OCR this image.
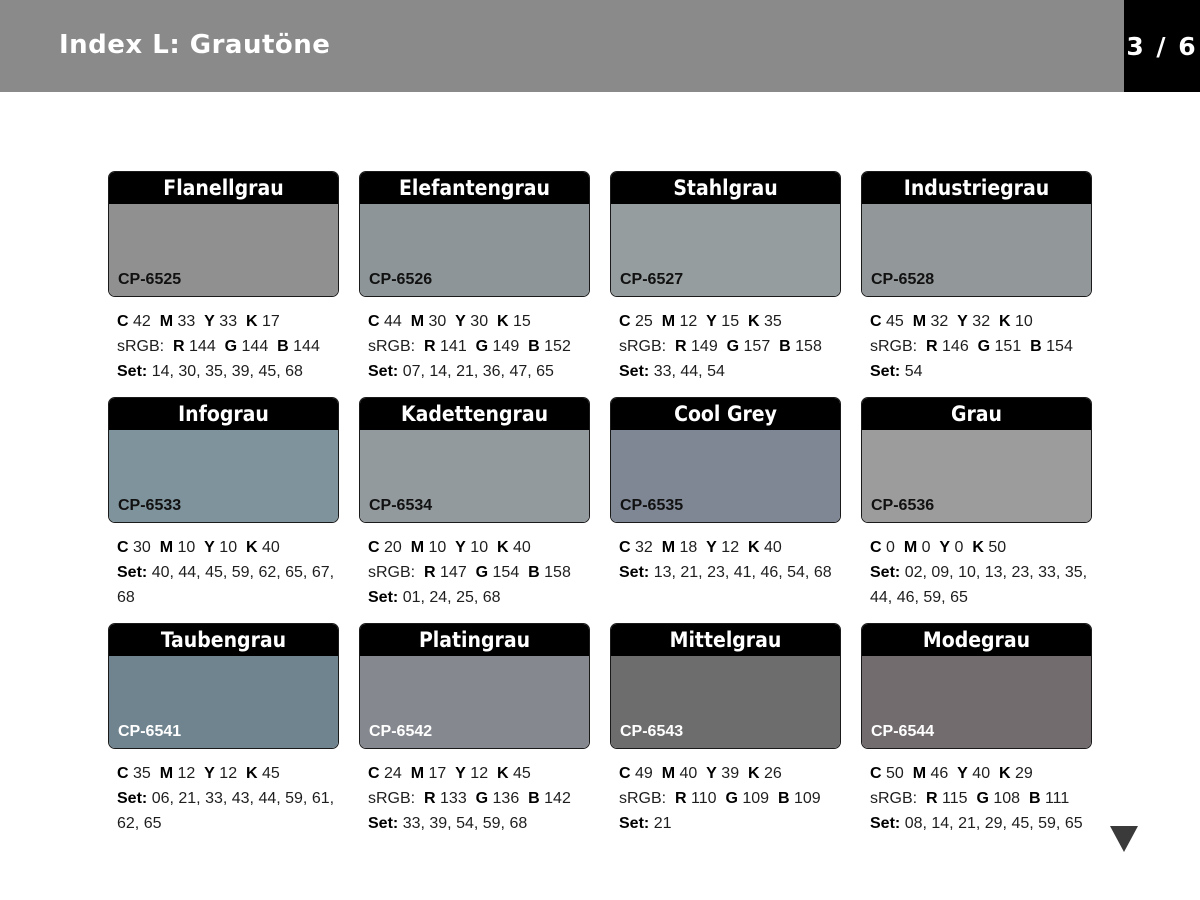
Index L: Grautöne	3 / 6
Flanellgrau
CP-6525
C 42 M 33 Y 33 K 17
sRGB: R 144 G 144 B 144
Set: 14, 30, 35, 39, 45, 68
Elefantengrau
CP-6526
C 44 M 30 Y 30 K 15
sRGB: R 141 G 149 B 152
Set: 07, 14, 21, 36, 47, 65
Stahlgrau
CP-6527
C 25 M 12 Y 15 K 35
sRGB: R 149 G 157 B 158
Set: 33, 44, 54
Industriegrau
CP-6528
C 45 M 32 Y 32 K 10
sRGB: R 146 G 151 B 154
Set: 54
Infograu
CP-6533
C 30 M 10 Y 10 K 40
Set: 40, 44, 45, 59, 62, 65, 67, 68
Kadettengrau
CP-6534
C 20 M 10 Y 10 K 40
sRGB: R 147 G 154 B 158
Set: 01, 24, 25, 68
Cool Grey
CP-6535
C 32 M 18 Y 12 K 40
Set: 13, 21, 23, 41, 46, 54, 68
Grau
CP-6536
C 0 M 0 Y 0 K 50
Set: 02, 09, 10, 13, 23, 33, 35, 44, 46, 59, 65
Taubengrau
CP-6541
C 35 M 12 Y 12 K 45
Set: 06, 21, 33, 43, 44, 59, 61, 62, 65
Platingrau
CP-6542
C 24 M 17 Y 12 K 45
sRGB: R 133 G 136 B 142
Set: 33, 39, 54, 59, 68
Mittelgrau
CP-6543
C 49 M 40 Y 39 K 26
sRGB: R 110 G 109 B 109
Set: 21
Modegrau
CP-6544
C 50 M 46 Y 40 K 29
sRGB: R 115 G 108 B 111
Set: 08, 14, 21, 29, 45, 59, 65
